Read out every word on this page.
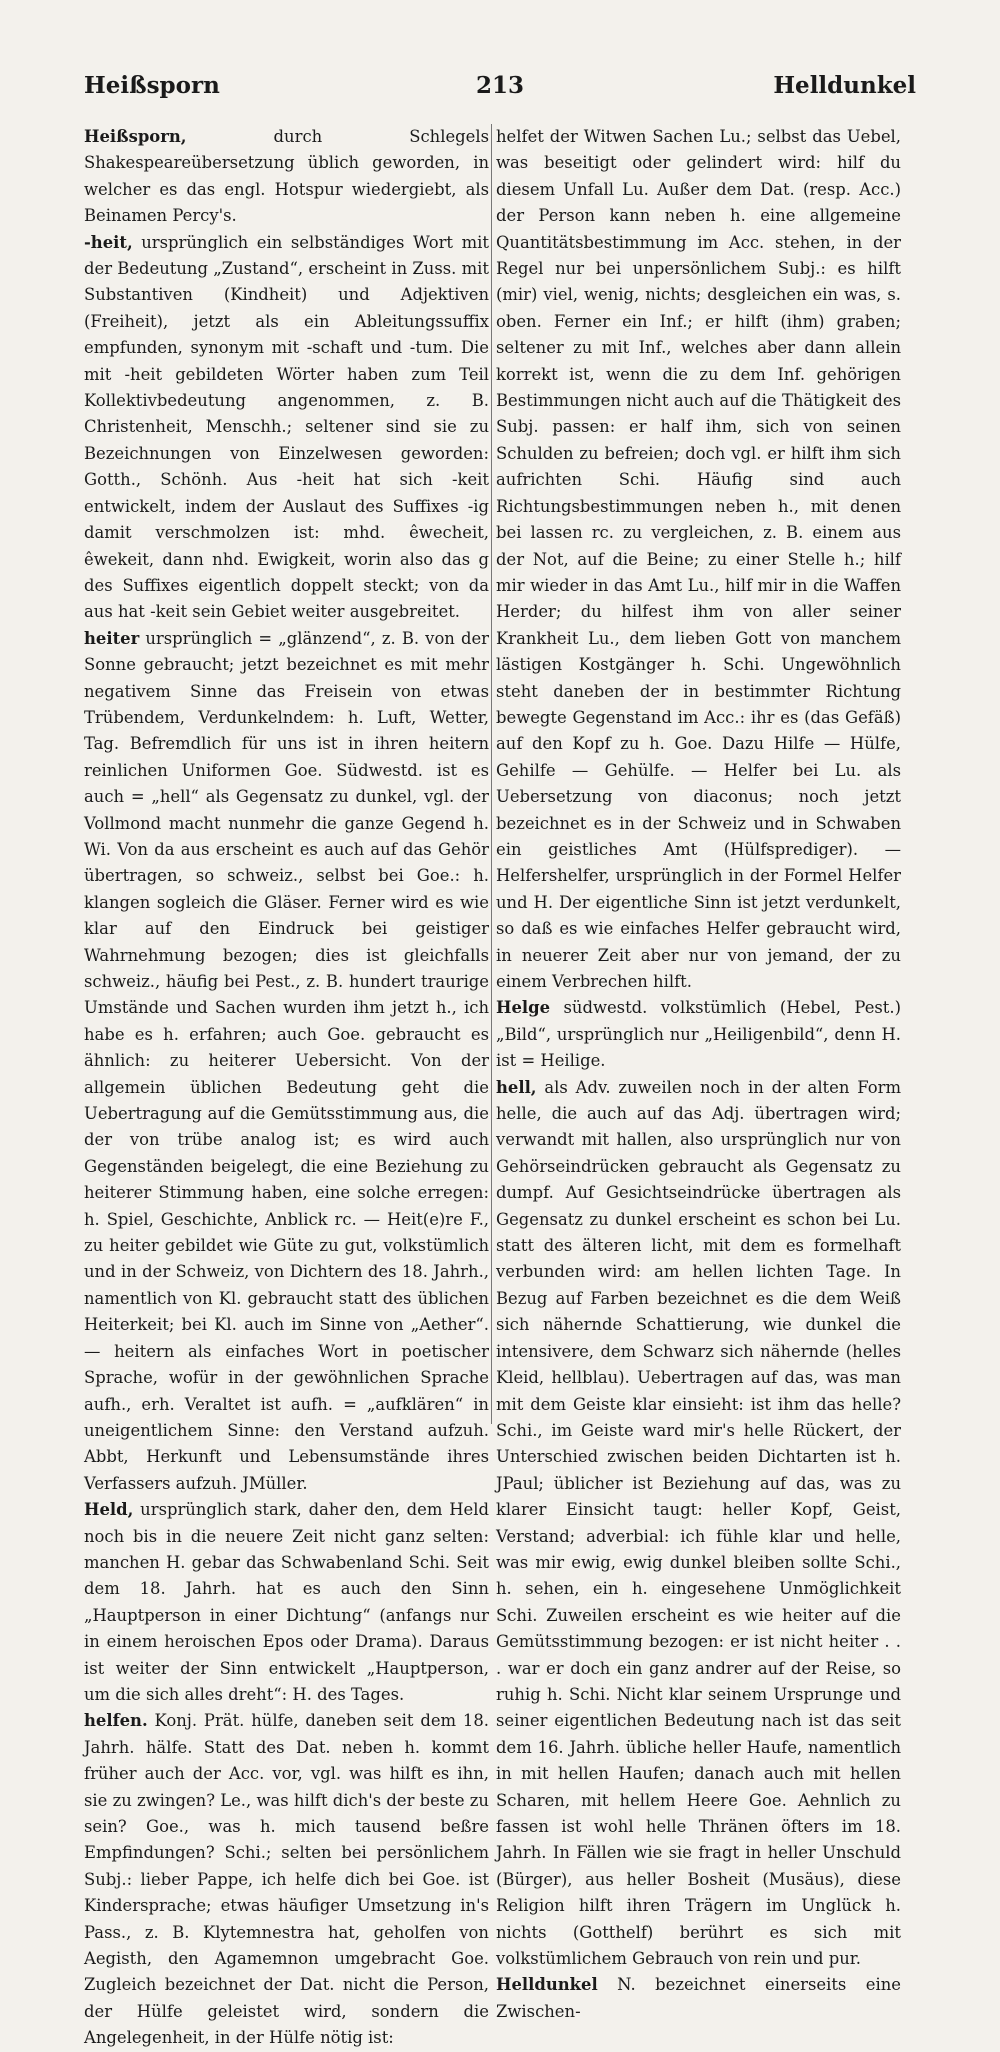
Heißsporn	213	Helldunkel

Heißsporn, durch Schlegels Shakespeareübersetzung üblich geworden, in welcher es das engl. Hotspur wiedergiebt, als Beinamen Percy's.

-heit, ursprünglich ein selbständiges Wort mit der Bedeutung „Zustand“, erscheint in Zuss. mit Substantiven (Kindheit) und Adjektiven (Freiheit), jetzt als ein Ableitungssuffix empfunden, synonym mit -schaft und -tum. Die mit -heit gebildeten Wörter haben zum Teil Kollektivbedeutung angenommen, z. B. Christenheit, Menschh.; seltener sind sie zu Bezeichnungen von Einzelwesen geworden: Gotth., Schönh. Aus -heit hat sich -keit entwickelt, indem der Auslaut des Suffixes -ig damit verschmolzen ist: mhd. êwecheit, êwekeit, dann nhd. Ewigkeit, worin also das g des Suffixes eigentlich doppelt steckt; von da aus hat -keit sein Gebiet weiter ausgebreitet.

heiter ursprünglich = „glänzend“, z. B. von der Sonne gebraucht; jetzt bezeichnet es mit mehr negativem Sinne das Freisein von etwas Trübendem, Verdunkelndem: h. Luft, Wetter, Tag. Befremdlich für uns ist in ihren heitern reinlichen Uniformen Goe. Südwestd. ist es auch = „hell“ als Gegensatz zu dunkel, vgl. der Vollmond macht nunmehr die ganze Gegend h. Wi. Von da aus erscheint es auch auf das Gehör übertragen, so schweiz., selbst bei Goe.: h. klangen sogleich die Gläser. Ferner wird es wie klar auf den Eindruck bei geistiger Wahrnehmung bezogen; dies ist gleichfalls schweiz., häufig bei Pest., z. B. hundert traurige Umstände und Sachen wurden ihm jetzt h., ich habe es h. erfahren; auch Goe. gebraucht es ähnlich: zu heiterer Uebersicht. Von der allgemein üblichen Bedeutung geht die Uebertragung auf die Gemütsstimmung aus, die der von trübe analog ist; es wird auch Gegenständen beigelegt, die eine Beziehung zu heiterer Stimmung haben, eine solche erregen: h. Spiel, Geschichte, Anblick rc. — Heit(e)re F., zu heiter gebildet wie Güte zu gut, volkstümlich und in der Schweiz, von Dichtern des 18. Jahrh., namentlich von Kl. gebraucht statt des üblichen Heiterkeit; bei Kl. auch im Sinne von „Aether“. — heitern als einfaches Wort in poetischer Sprache, wofür in der gewöhnlichen Sprache aufh., erh. Veraltet ist aufh. = „aufklären“ in uneigentlichem Sinne: den Verstand aufzuh. Abbt, Herkunft und Lebensumstände ihres Verfassers aufzuh. JMüller.

Held, ursprünglich stark, daher den, dem Held noch bis in die neuere Zeit nicht ganz selten: manchen H. gebar das Schwabenland Schi. Seit dem 18. Jahrh. hat es auch den Sinn „Hauptperson in einer Dichtung“ (anfangs nur in einem heroischen Epos oder Drama). Daraus ist weiter der Sinn entwickelt „Hauptperson, um die sich alles dreht“: H. des Tages.

helfen. Konj. Prät. hülfe, daneben seit dem 18. Jahrh. hälfe. Statt des Dat. neben h. kommt früher auch der Acc. vor, vgl. was hilft es ihn, sie zu zwingen? Le., was hilft dich's der beste zu sein? Goe., was h. mich tausend beßre Empfindungen? Schi.; selten bei persönlichem Subj.: lieber Pappe, ich helfe dich bei Goe. ist Kindersprache; etwas häufiger Umsetzung in's Pass., z. B. Klytemnestra hat, geholfen von Aegisth, den Agamemnon umgebracht Goe. Zugleich bezeichnet der Dat. nicht die Person, der Hülfe geleistet wird, sondern die Angelegenheit, in der Hülfe nötig ist:

helfet der Witwen Sachen Lu.; selbst das Uebel, was beseitigt oder gelindert wird: hilf du diesem Unfall Lu. Außer dem Dat. (resp. Acc.) der Person kann neben h. eine allgemeine Quantitätsbestimmung im Acc. stehen, in der Regel nur bei unpersönlichem Subj.: es hilft (mir) viel, wenig, nichts; desgleichen ein was, s. oben. Ferner ein Inf.; er hilft (ihm) graben; seltener zu mit Inf., welches aber dann allein korrekt ist, wenn die zu dem Inf. gehörigen Bestimmungen nicht auch auf die Thätigkeit des Subj. passen: er half ihm, sich von seinen Schulden zu befreien; doch vgl. er hilft ihm sich aufrichten Schi. Häufig sind auch Richtungsbestimmungen neben h., mit denen bei lassen rc. zu vergleichen, z. B. einem aus der Not, auf die Beine; zu einer Stelle h.; hilf mir wieder in das Amt Lu., hilf mir in die Waffen Herder; du hilfest ihm von aller seiner Krankheit Lu., dem lieben Gott von manchem lästigen Kostgänger h. Schi. Ungewöhnlich steht daneben der in bestimmter Richtung bewegte Gegenstand im Acc.: ihr es (das Gefäß) auf den Kopf zu h. Goe. Dazu Hilfe — Hülfe, Gehilfe — Gehülfe. — Helfer bei Lu. als Uebersetzung von diaconus; noch jetzt bezeichnet es in der Schweiz und in Schwaben ein geistliches Amt (Hülfsprediger). — Helfershelfer, ursprünglich in der Formel Helfer und H. Der eigentliche Sinn ist jetzt verdunkelt, so daß es wie einfaches Helfer gebraucht wird, in neuerer Zeit aber nur von jemand, der zu einem Verbrechen hilft.

Helge südwestd. volkstümlich (Hebel, Pest.) „Bild“, ursprünglich nur „Heiligenbild“, denn H. ist = Heilige.

hell, als Adv. zuweilen noch in der alten Form helle, die auch auf das Adj. übertragen wird; verwandt mit hallen, also ursprünglich nur von Gehörseindrücken gebraucht als Gegensatz zu dumpf. Auf Gesichtseindrücke übertragen als Gegensatz zu dunkel erscheint es schon bei Lu. statt des älteren licht, mit dem es formelhaft verbunden wird: am hellen lichten Tage. In Bezug auf Farben bezeichnet es die dem Weiß sich nähernde Schattierung, wie dunkel die intensivere, dem Schwarz sich nähernde (helles Kleid, hellblau). Uebertragen auf das, was man mit dem Geiste klar einsieht: ist ihm das helle? Schi., im Geiste ward mir's helle Rückert, der Unterschied zwischen beiden Dichtarten ist h. JPaul; üblicher ist Beziehung auf das, was zu klarer Einsicht taugt: heller Kopf, Geist, Verstand; adverbial: ich fühle klar und helle, was mir ewig, ewig dunkel bleiben sollte Schi., h. sehen, ein h. eingesehene Unmöglichkeit Schi. Zuweilen erscheint es wie heiter auf die Gemütsstimmung bezogen: er ist nicht heiter . . . war er doch ein ganz andrer auf der Reise, so ruhig h. Schi. Nicht klar seinem Ursprunge und seiner eigentlichen Bedeutung nach ist das seit dem 16. Jahrh. übliche heller Haufe, namentlich in mit hellen Haufen; danach auch mit hellen Scharen, mit hellem Heere Goe. Aehnlich zu fassen ist wohl helle Thränen öfters im 18. Jahrh. In Fällen wie sie fragt in heller Unschuld (Bürger), aus heller Bosheit (Musäus), diese Religion hilft ihren Trägern im Unglück h. nichts (Gotthelf) berührt es sich mit volkstümlichem Gebrauch von rein und pur.

Helldunkel N. bezeichnet einerseits eine Zwischen-
